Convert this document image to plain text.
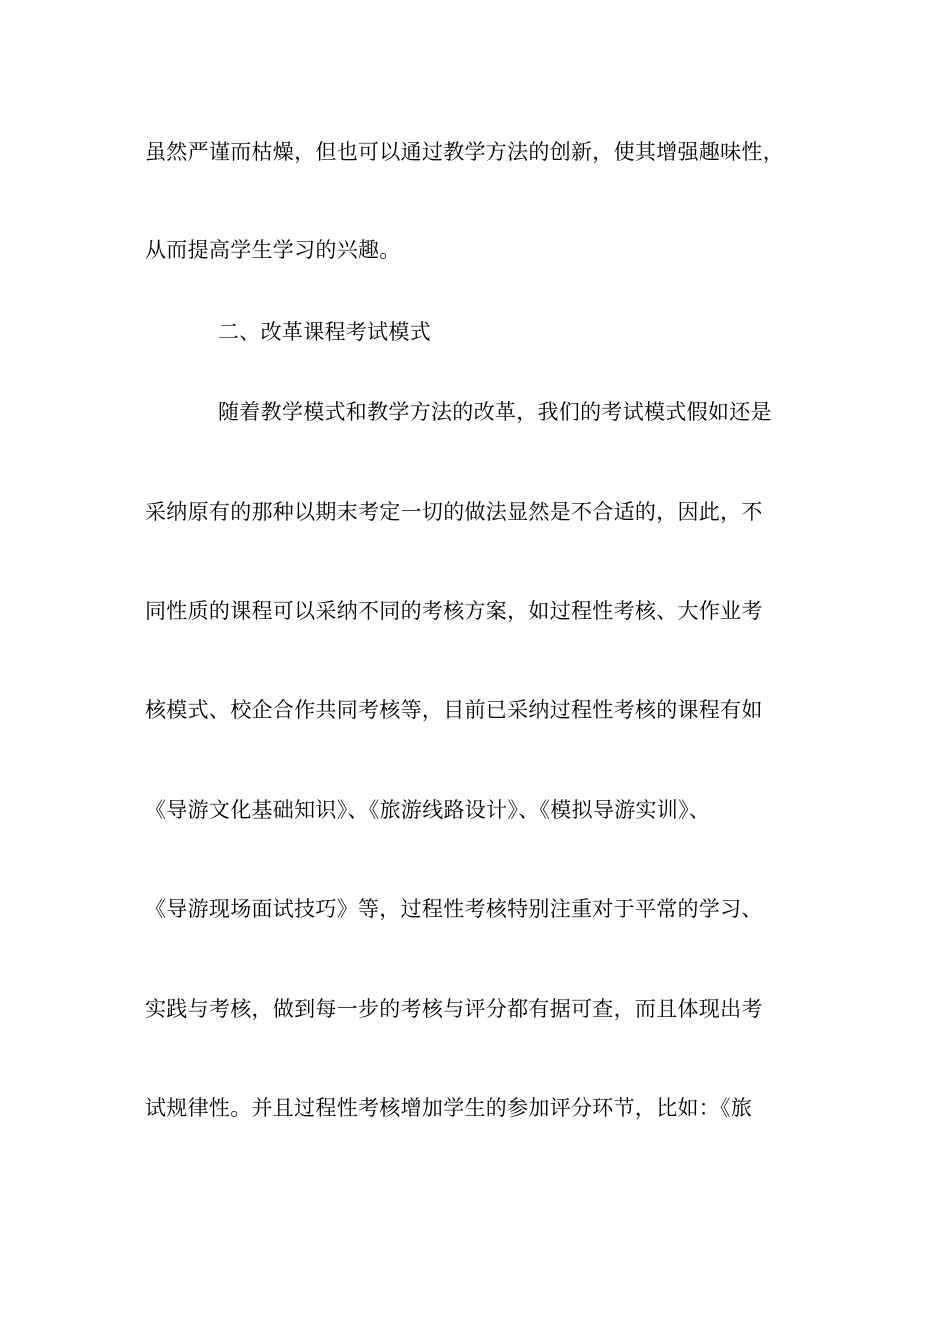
虽然严谨而枯燥，但也可以通过教学方法的创新，使其增强趣味性，
从而提高学生学习的兴趣。
二、改革课程考试模式
随着教学模式和教学方法的改革，我们的考试模式假如还是
采纳原有的那种以期末考定一切的做法显然是不合适的，因此，不
同性质的课程可以采纳不同的考核方案，如过程性考核、大作业考
核模式、校企合作共同考核等，目前已采纳过程性考核的课程有如
《导游文化基础知识》、《旅游线路设计》、《模拟导游实训》、
《导游现场面试技巧》等，过程性考核特别注重对于平常的学习、
实践与考核，做到每一步的考核与评分都有据可查，而且体现出考
试规律性。并且过程性考核增加学生的参加评分环节，比如：《旅
